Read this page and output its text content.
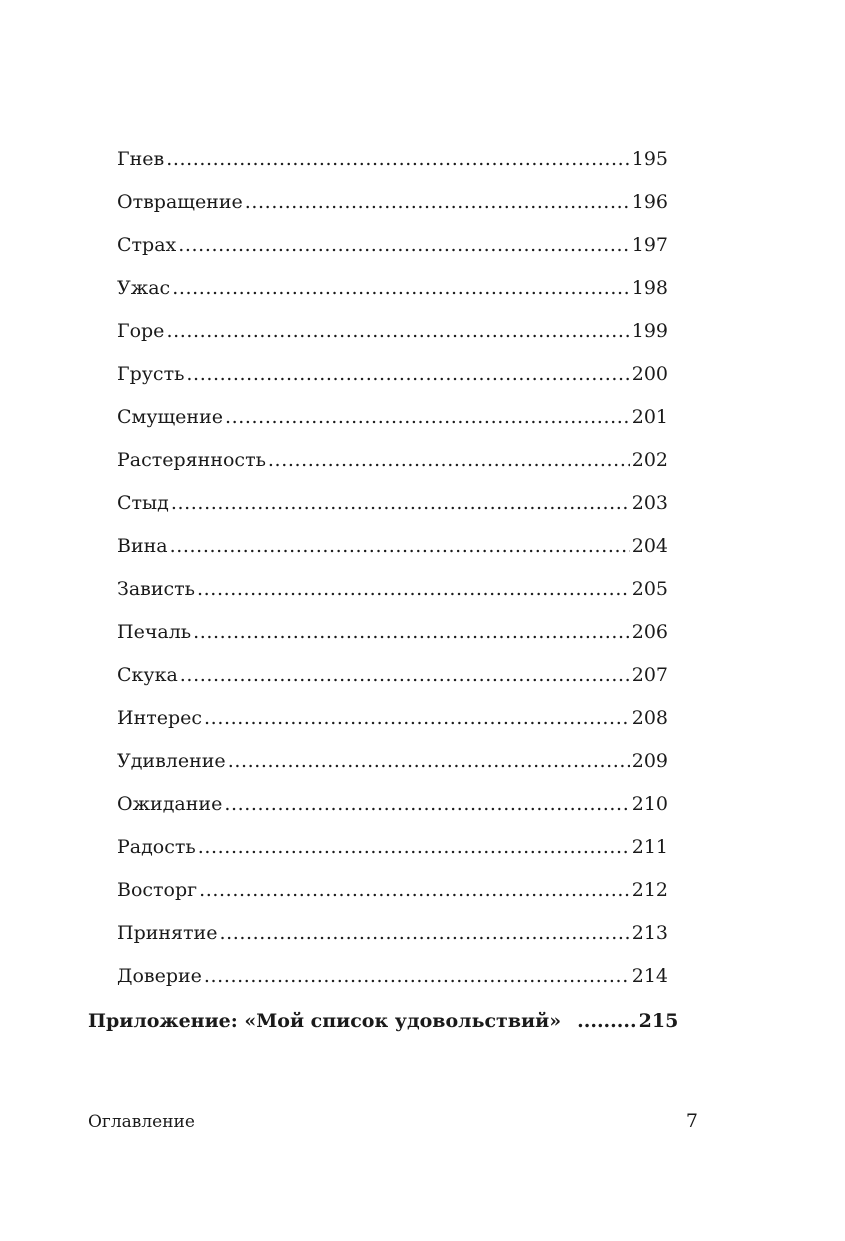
Гнев .....	195
Отвращение .....	196
Страх .....	197
Ужас .....	198
Горе .....	199
Грусть .....	200
Смущение .....	201
Растерянность .....	202
Стыд .....	203
Вина .....	204
Зависть .....	205
Печаль .....	206
Скука .....	207
Интерес .....	208
Удивление .....	209
Ожидание .....	210
Радость .....	211
Восторг .....	212
Принятие .....	213
Доверие .....	214
Приложение: «Мой список удовольствий» ......... 215
Оглавление	7
